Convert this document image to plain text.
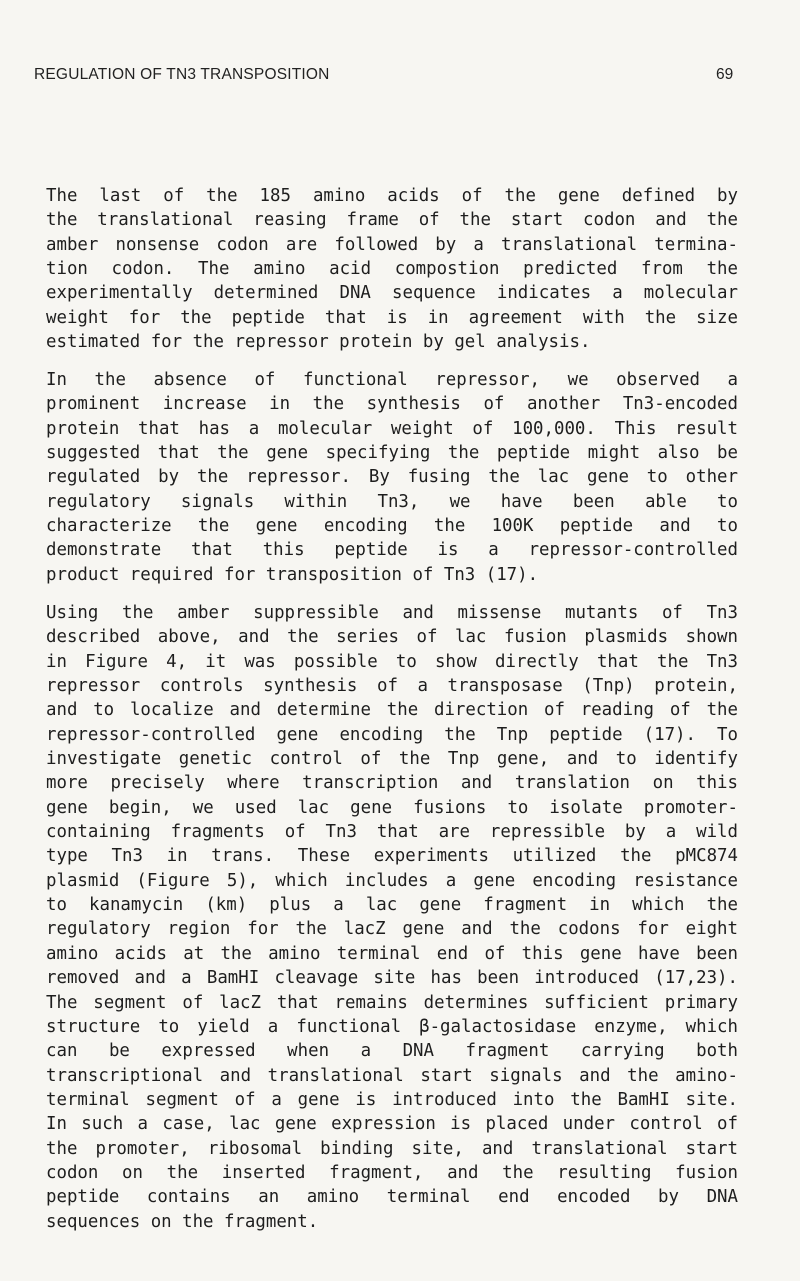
REGULATION OF TN3 TRANSPOSITION	69
The last of the 185 amino acids of the gene defined by
the translational reasing frame of the start codon and the
amber nonsense codon are followed by a translational termina-
tion codon. The amino acid compostion predicted from the
experimentally determined DNA sequence indicates a molecular
weight for the peptide that is in agreement with the size
estimated for the repressor protein by gel analysis.
In the absence of functional repressor, we observed a
prominent increase in the synthesis of another Tn3-encoded
protein that has a molecular weight of 100,000. This result
suggested that the gene specifying the peptide might also be
regulated by the repressor. By fusing the lac gene to other
regulatory signals within Tn3, we have been able to
characterize the gene encoding the 100K peptide and to
demonstrate that this peptide is a repressor-controlled
product required for transposition of Tn3 (17).
Using the amber suppressible and missense mutants of Tn3
described above, and the series of lac fusion plasmids shown
in Figure 4, it was possible to show directly that the Tn3
repressor controls synthesis of a transposase (Tnp) protein,
and to localize and determine the direction of reading of the
repressor-controlled gene encoding the Tnp peptide (17). To
investigate genetic control of the Tnp gene, and to identify
more precisely where transcription and translation on this
gene begin, we used lac gene fusions to isolate promoter-
containing fragments of Tn3 that are repressible by a wild
type Tn3 in trans. These experiments utilized the pMC874
plasmid (Figure 5), which includes a gene encoding resistance
to kanamycin (km) plus a lac gene fragment in which the
regulatory region for the lacZ gene and the codons for eight
amino acids at the amino terminal end of this gene have been
removed and a BamHI cleavage site has been introduced (17,23).
The segment of lacZ that remains determines sufficient primary
structure to yield a functional β-galactosidase enzyme, which
can be expressed when a DNA fragment carrying both
transcriptional and translational start signals and the amino-
terminal segment of a gene is introduced into the BamHI site.
In such a case, lac gene expression is placed under control of
the promoter, ribosomal binding site, and translational start
codon on the inserted fragment, and the resulting fusion
peptide contains an amino terminal end encoded by DNA
sequences on the fragment.
